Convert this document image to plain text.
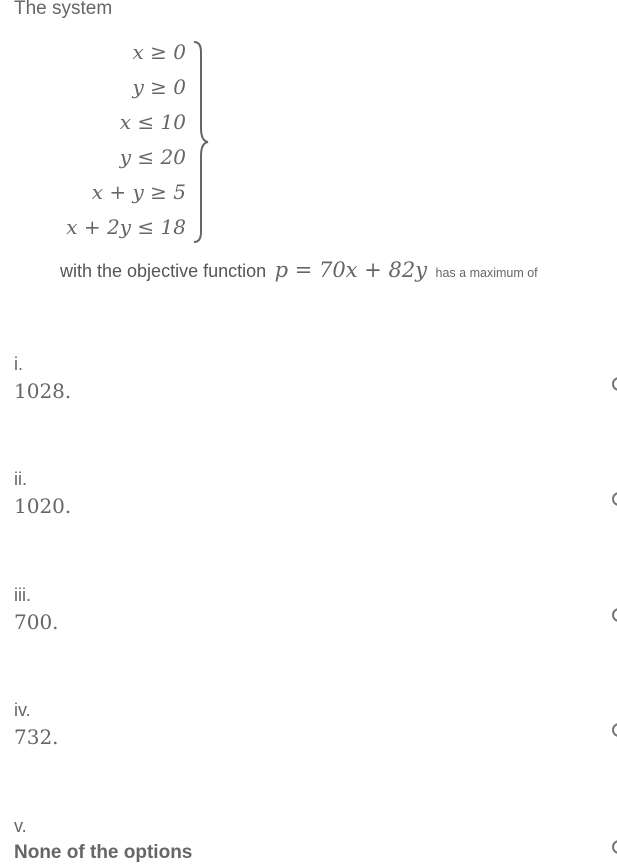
The system
x ≥ 0
y ≥ 0
x ≤ 10
y ≤ 20
x + y ≥ 5
x + 2y ≤ 18
with the objective function p = 70x + 82y has a maximum of
i.
1028.
ii.
1020.
iii.
700.
iv.
732.
v.
None of the options
